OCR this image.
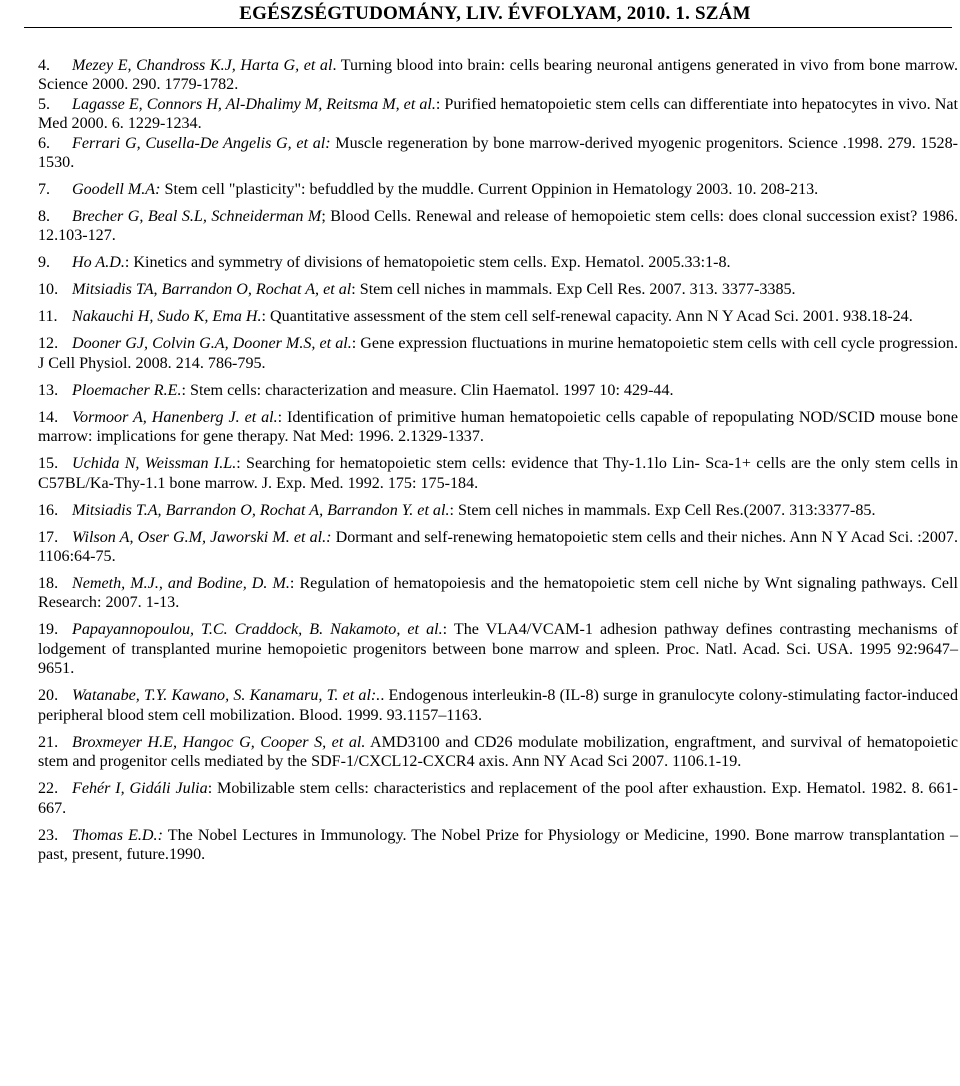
EGÉSZSÉGTUDOMÁNY, LIV. ÉVFOLYAM, 2010. 1. SZÁM
4. Mezey E, Chandross K.J, Harta G, et al. Turning blood into brain: cells bearing neuronal antigens generated in vivo from bone marrow. Science 2000. 290. 1779-1782.
5. Lagasse E, Connors H, Al-Dhalimy M, Reitsma M, et al.: Purified hematopoietic stem cells can differentiate into hepatocytes in vivo. Nat Med 2000. 6. 1229-1234.
6. Ferrari G, Cusella-De Angelis G, et al: Muscle regeneration by bone marrow-derived myogenic progenitors. Science .1998. 279. 1528-1530.
7. Goodell M.A: Stem cell "plasticity": befuddled by the muddle. Current Oppinion in Hematology 2003. 10. 208-213.
8. Brecher G, Beal S.L, Schneiderman M; Blood Cells. Renewal and release of hemopoietic stem cells: does clonal succession exist? 1986. 12.103-127.
9. Ho A.D.: Kinetics and symmetry of divisions of hematopoietic stem cells. Exp. Hematol. 2005.33:1-8.
10. Mitsiadis TA, Barrandon O, Rochat A, et al: Stem cell niches in mammals. Exp Cell Res. 2007. 313. 3377-3385.
11. Nakauchi H, Sudo K, Ema H.: Quantitative assessment of the stem cell self-renewal capacity. Ann N Y Acad Sci. 2001. 938.18-24.
12. Dooner GJ, Colvin G.A, Dooner M.S, et al.: Gene expression fluctuations in murine hematopoietic stem cells with cell cycle progression. J Cell Physiol. 2008. 214. 786-795.
13. Ploemacher R.E.: Stem cells: characterization and measure. Clin Haematol. 1997 10: 429-44.
14. Vormoor A, Hanenberg J. et al.: Identification of primitive human hematopoietic cells capable of repopulating NOD/SCID mouse bone marrow: implications for gene therapy. Nat Med: 1996. 2.1329-1337.
15. Uchida N, Weissman I.L.: Searching for hematopoietic stem cells: evidence that Thy-1.1lo Lin- Sca-1+ cells are the only stem cells in C57BL/Ka-Thy-1.1 bone marrow. J. Exp. Med. 1992. 175: 175-184.
16. Mitsiadis T.A, Barrandon O, Rochat A, Barrandon Y. et al.: Stem cell niches in mammals. Exp Cell Res.(2007. 313:3377-85.
17. Wilson A, Oser G.M, Jaworski M. et al.: Dormant and self-renewing hematopoietic stem cells and their niches. Ann N Y Acad Sci. :2007. 1106:64-75.
18. Nemeth, M.J., and Bodine, D. M.: Regulation of hematopoiesis and the hematopoietic stem cell niche by Wnt signaling pathways. Cell Research: 2007. 1-13.
19. Papayannopoulou, T.C. Craddock, B. Nakamoto, et al.: The VLA4/VCAM-1 adhesion pathway defines contrasting mechanisms of lodgement of transplanted murine hemopoietic progenitors between bone marrow and spleen. Proc. Natl. Acad. Sci. USA. 1995 92:9647–9651.
20. Watanabe, T.Y. Kawano, S. Kanamaru, T. et al:.. Endogenous interleukin-8 (IL-8) surge in granulocyte colony-stimulating factor-induced peripheral blood stem cell mobilization. Blood. 1999. 93.1157–1163.
21. Broxmeyer H.E, Hangoc G, Cooper S, et al. AMD3100 and CD26 modulate mobilization, engraftment, and survival of hematopoietic stem and progenitor cells mediated by the SDF-1/CXCL12-CXCR4 axis. Ann NY Acad Sci 2007. 1106.1-19.
22. Fehér I, Gidáli Julia: Mobilizable stem cells: characteristics and replacement of the pool after exhaustion. Exp. Hematol. 1982. 8. 661-667.
23. Thomas E.D.: The Nobel Lectures in Immunology. The Nobel Prize for Physiology or Medicine, 1990. Bone marrow transplantation – past, present, future.1990.
